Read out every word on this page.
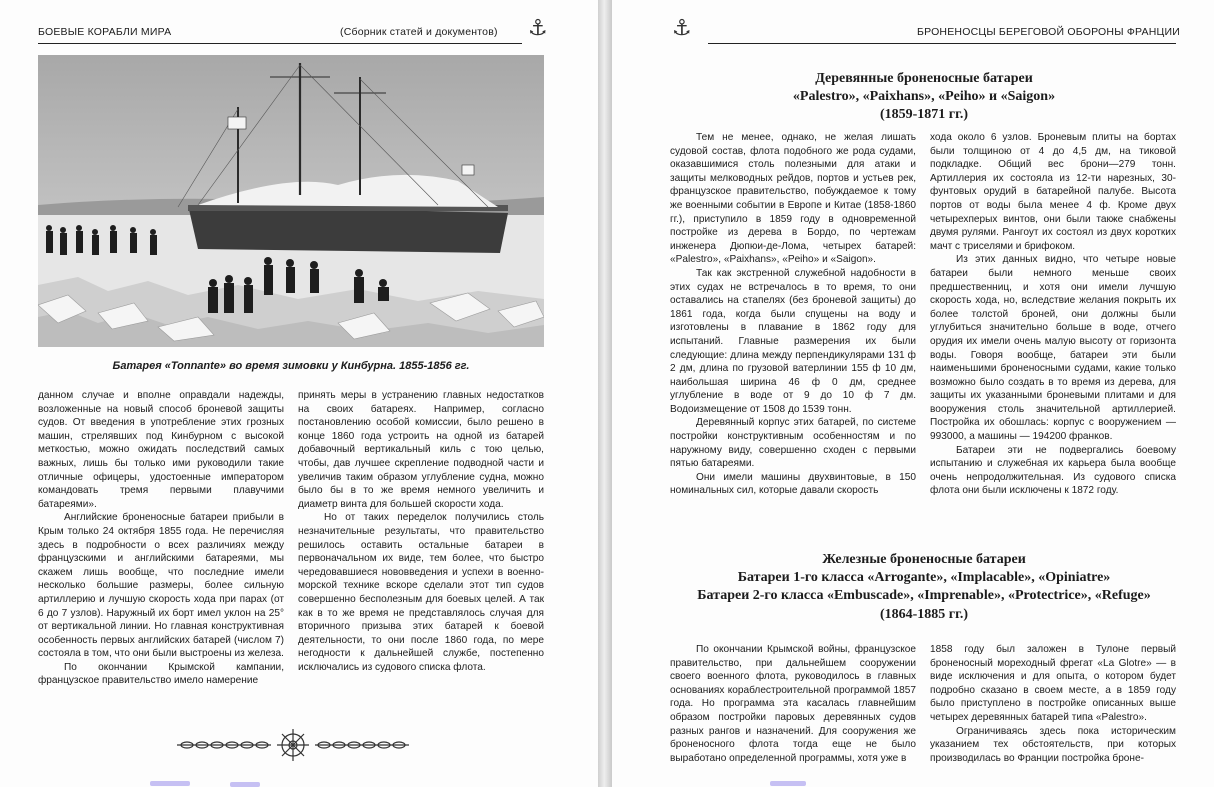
БОЕВЫЕ КОРАБЛИ МИРА	(Сборник статей и документов) ⚓
Батарея «Tonnante» во время зимовки у Кинбурна. 1855-1856 гг.

данном случае и вполне оправдали надежды, возложенные на новый способ броневой защиты судов. От введения в употребление этих грозных машин, стрелявших под Кинбурном с высокой меткостью, можно ожидать последствий самых важных, лишь бы только ими руководили такие отличные офицеры, удостоенные императором командовать тремя первыми плавучими батареями».

Английские броненосные батареи прибыли в Крым только 24 октября 1855 года. Не перечисляя здесь в подробности о всех различиях между французскими и английскими батареями, мы скажем лишь вообще, что последние имели несколько большие размеры, более сильную артиллерию и лучшую скорость хода при парах (от 6 до 7 узлов). Наружный их борт имел уклон на 25° от вертикальной линии. Но главная конструктивная особенность первых английских батарей (числом 7) состояла в том, что они были выстроены из железа.

По окончании Крымской кампании, французское правительство имело намерение

принять меры в устранению главных недостатков на своих батареях. Например, согласно постановлению особой комиссии, было решено в конце 1860 года устроить на одной из батарей добавочный вертикальный киль с тою целью, чтобы, дав лучшее скрепление подводной части и увеличив таким образом углубление судна, можно было бы в то же время немного увеличить и диаметр винта для большей скорости хода.

Но от таких переделок получились столь незначительные результаты, что правительство решилось оставить остальные батареи в первоначальном их виде, тем более, что быстро чередовавшиеся нововведения и успехи в военно-морской технике вскоре сделали этот тип судов совершенно бесполезным для боевых целей. А так как в то же время не представлялось случая для вторичного призыва этих батарей к боевой деятельности, то они после 1860 года, по мере негодности к дальнейшей службе, постепенно исключались из судового списка флота.

⚓	БРОНЕНОСЦЫ БЕРЕГОВОЙ ОБОРОНЫ ФРАНЦИИ
Деревянные броненосные батареи
«Palestro», «Paixhans», «Peiho» и «Saigon»
(1859-1871 гг.)

Тем не менее, однако, не желая лишать судовой состав, флота подобного же рода судами, оказавшимися столь полезными для атаки и защиты мелководных рейдов, портов и устьев рек, французское правительство, побуждаемое к тому же военными событии в Европе и Китае (1858-1860 гг.), приступило в 1859 году в одновременной постройке из дерева в Бордо, по чертежам инженера Дюпюи-де-Лома, четырех батарей: «Palestro», «Paixhans», «Peiho» и «Saigon».

Так как экстренной служебной надобности в этих судах не встречалось в то время, то они оставались на стапелях (без броневой защиты) до 1861 года, когда были спущены на воду и изготовлены в плавание в 1862 году для испытаний. Главные размерения их были следующие: длина между перпендикулярами 131 ф 2 дм, длина по грузовой ватерлинии 155 ф 10 дм, наибольшая ширина 46 ф 0 дм, среднее углубление в воде от 9 до 10 ф 7 дм. Водоизмещение от 1508 до 1539 тонн.

Деревянный корпус этих батарей, по системе постройки конструктивным особенностям и по наружному виду, совершенно сходен с первыми пятью батареями.

Они имели машины двухвинтовые, в 150 номинальных сил, которые давали скорость

хода около 6 узлов. Броневым плиты на бортах были толщиною от 4 до 4,5 дм, на тиковой подкладке. Общий вес брони—279 тонн. Артиллерия их состояла из 12-ти нарезных, 30-фунтовых орудий в батарейной палубе. Высота портов от воды была менее 4 ф. Кроме двух четырехперых винтов, они были также снабжены двумя рулями. Рангоут их состоял из двух коротких мачт с триселями и брифоком.

Из этих данных видно, что четыре новые батареи были немного меньше своих предшественниц, и хотя они имели лучшую скорость хода, но, вследствие желания покрыть их более толстой броней, они должны были углубиться значительно больше в воде, отчего орудия их имели очень малую высоту от горизонта воды. Говоря вообще, батареи эти были наименьшими броненосными судами, какие только возможно было создать в то время из дерева, для защиты их указанными броневыми плитами и для вооружения столь значительной артиллерией. Постройка их обошлась: корпус с вооружением — 993000, а машины — 194200 франков.

Батареи эти не подвергались боевому испытанию и служебная их карьера была вообще очень непродолжительная. Из судового списка флота они были исключены к 1872 году.

Железные броненосные батареи
Батареи 1-го класса «Arrogante», «Implacable», «Opiniatre»
Батареи 2-го класса «Embuscade», «Imprenable», «Protectrice», «Refuge»
(1864-1885 гг.)

По окончании Крымской войны, французское правительство, при дальнейшем сооружении своего военного флота, руководилось в главных основаниях кораблестроительной программой 1857 года. Но программа эта касалась главнейшим образом постройки паровых деревянных судов разных рангов и назначений. Для сооружения же броненосного флота тогда еще не было выработано определенной программы, хотя уже в

1858 году был заложен в Тулоне первый броненосный мореходный фрегат «La Glotre» — в виде исключения и для опыта, о котором будет подробно сказано в своем месте, а в 1859 году было приступлено в постройке описанных выше четырех деревянных батарей типа «Palestro».

Ограничиваясь здесь пока историческим указанием тех обстоятельств, при которых производилась во Франции постройка броне-
